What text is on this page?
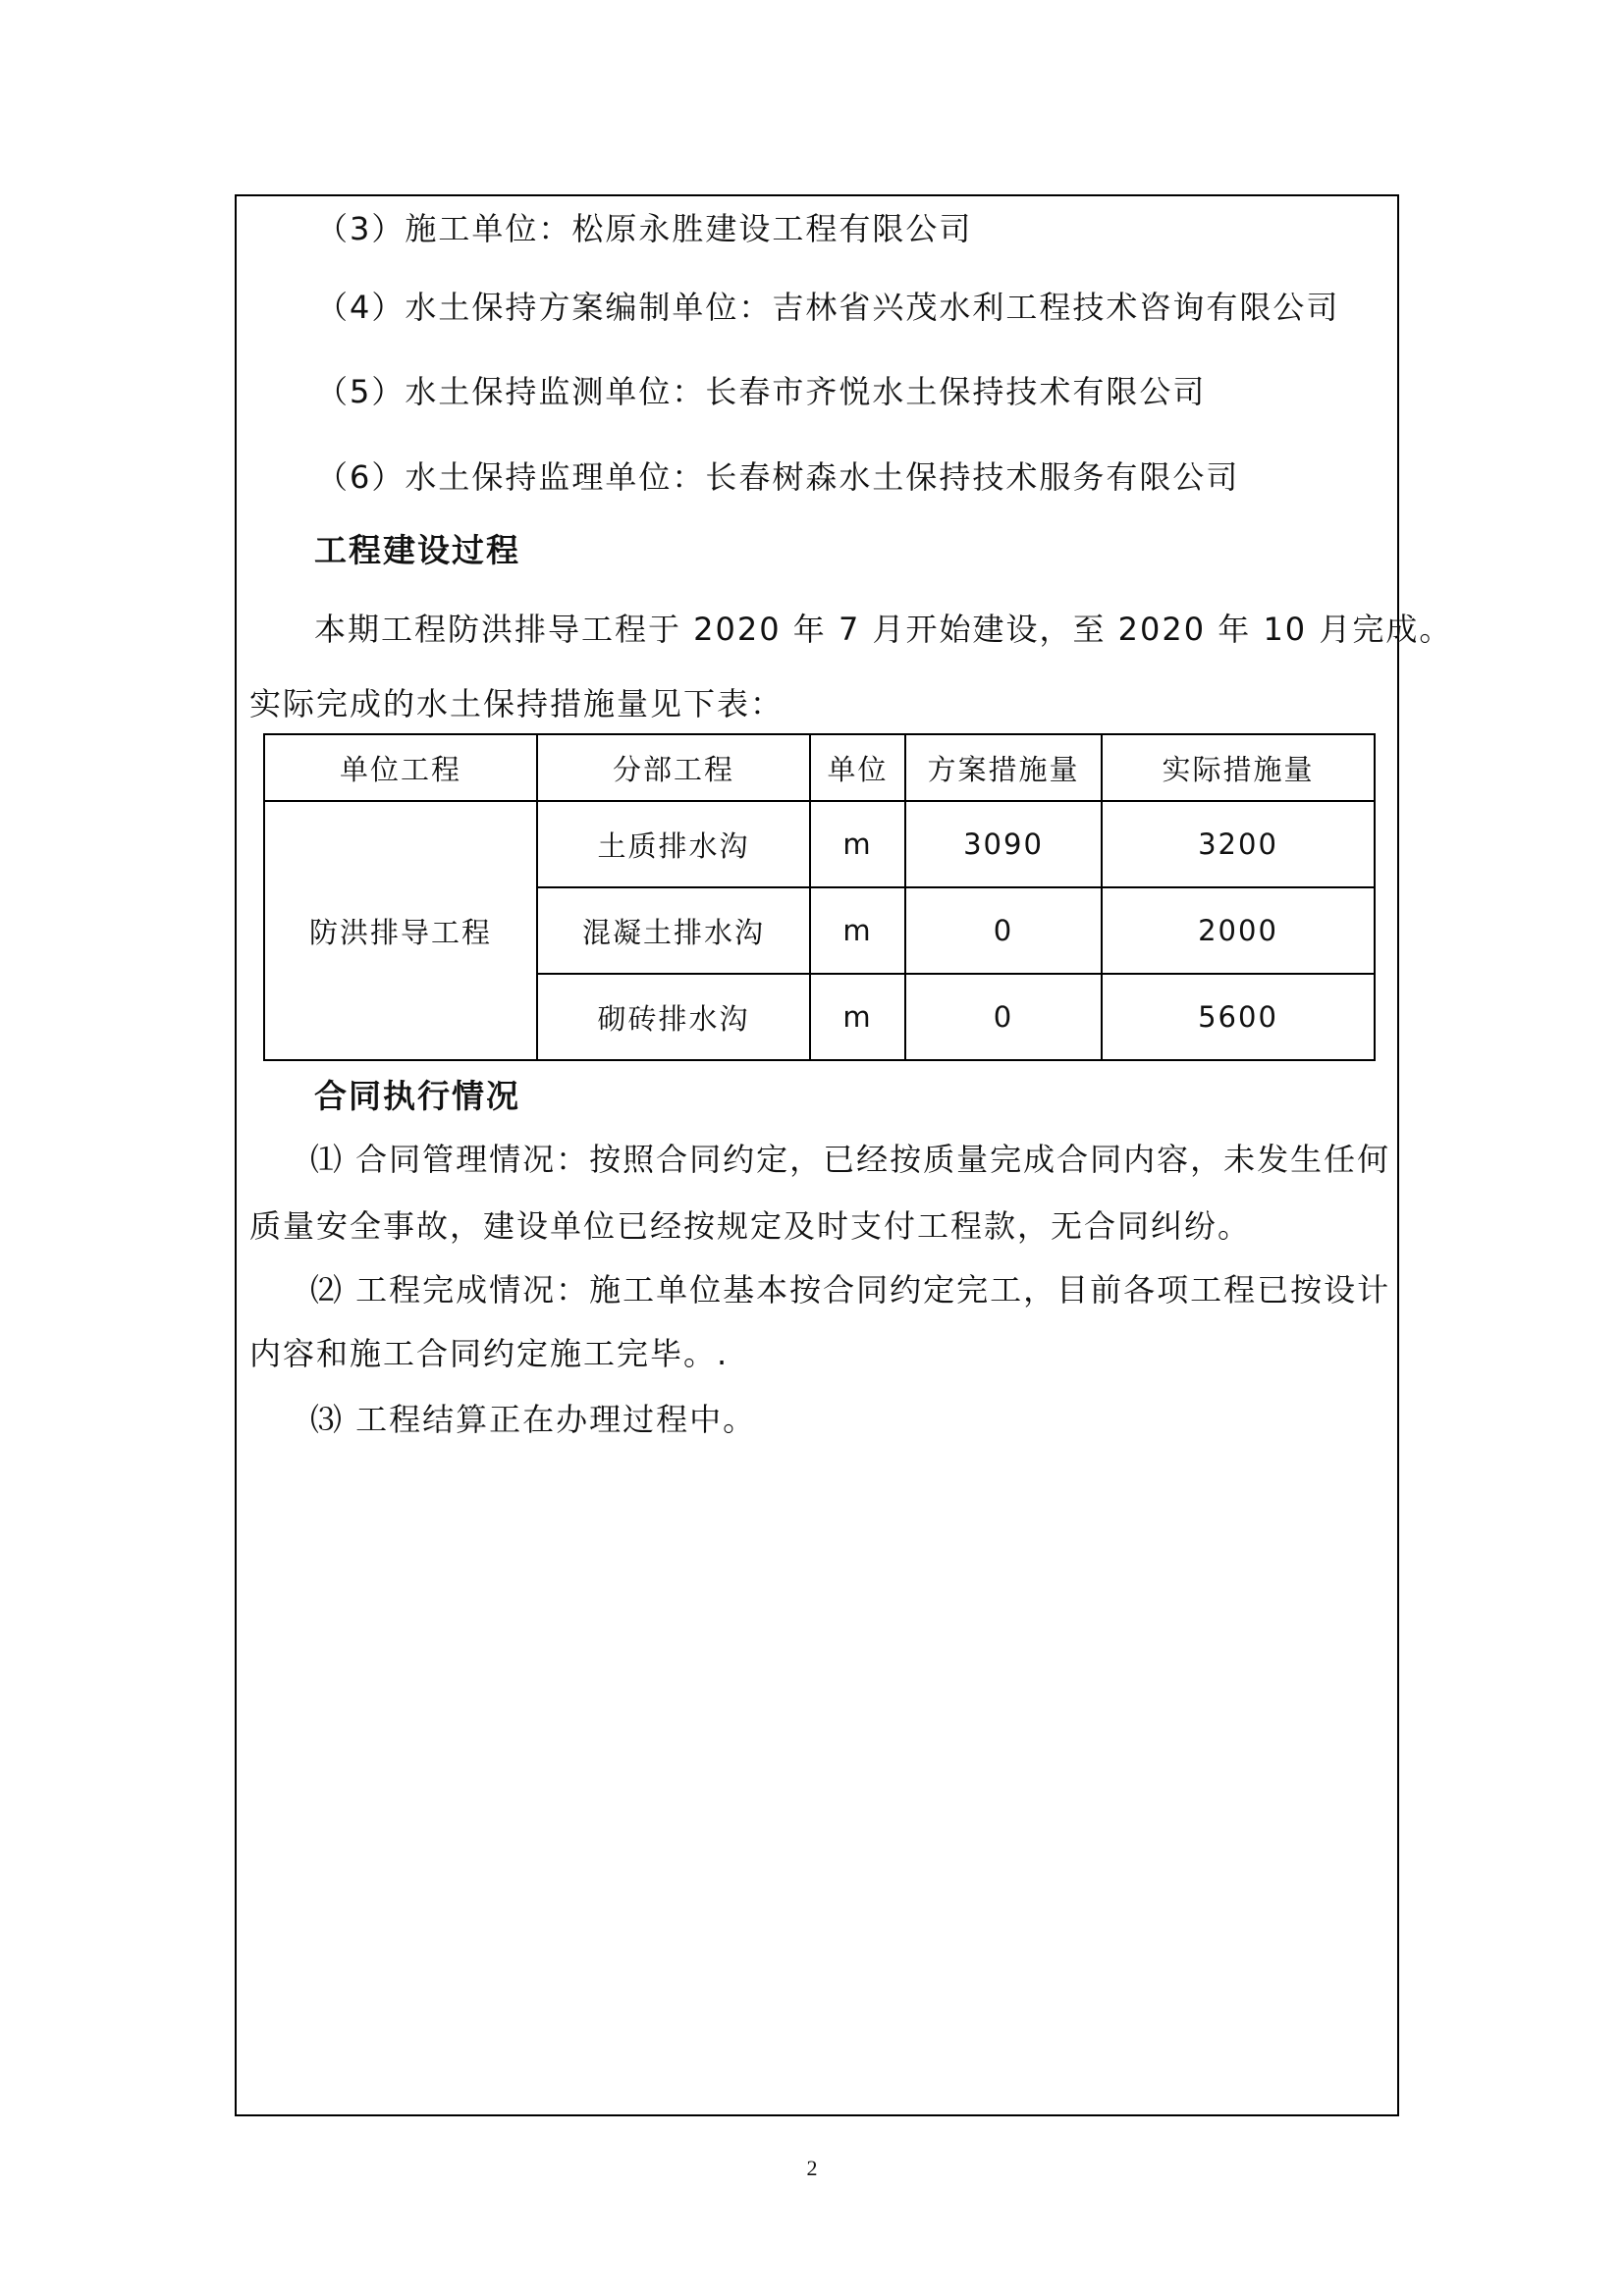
（3）施工单位：松原永胜建设工程有限公司
（4）水土保持方案编制单位：吉林省兴茂水利工程技术咨询有限公司
（5）水土保持监测单位：长春市齐悦水土保持技术有限公司
（6）水土保持监理单位：长春树森水土保持技术服务有限公司
工程建设过程
本期工程防洪排导工程于 2020 年 7 月开始建设，至 2020 年 10 月完成。
实际完成的水土保持措施量见下表：
单位工程	分部工程	单位	方案措施量	实际措施量
防洪排导工程	土质排水沟	m	3090	3200
	混凝土排水沟	m	0	2000
	砌砖排水沟	m	0	5600
合同执行情况
⑴ 合同管理情况：按照合同约定，已经按质量完成合同内容，未发生任何
质量安全事故，建设单位已经按规定及时支付工程款，无合同纠纷。
⑵ 工程完成情况：施工单位基本按合同约定完工，目前各项工程已按设计
内容和施工合同约定施工完毕。.
⑶ 工程结算正在办理过程中。
2
